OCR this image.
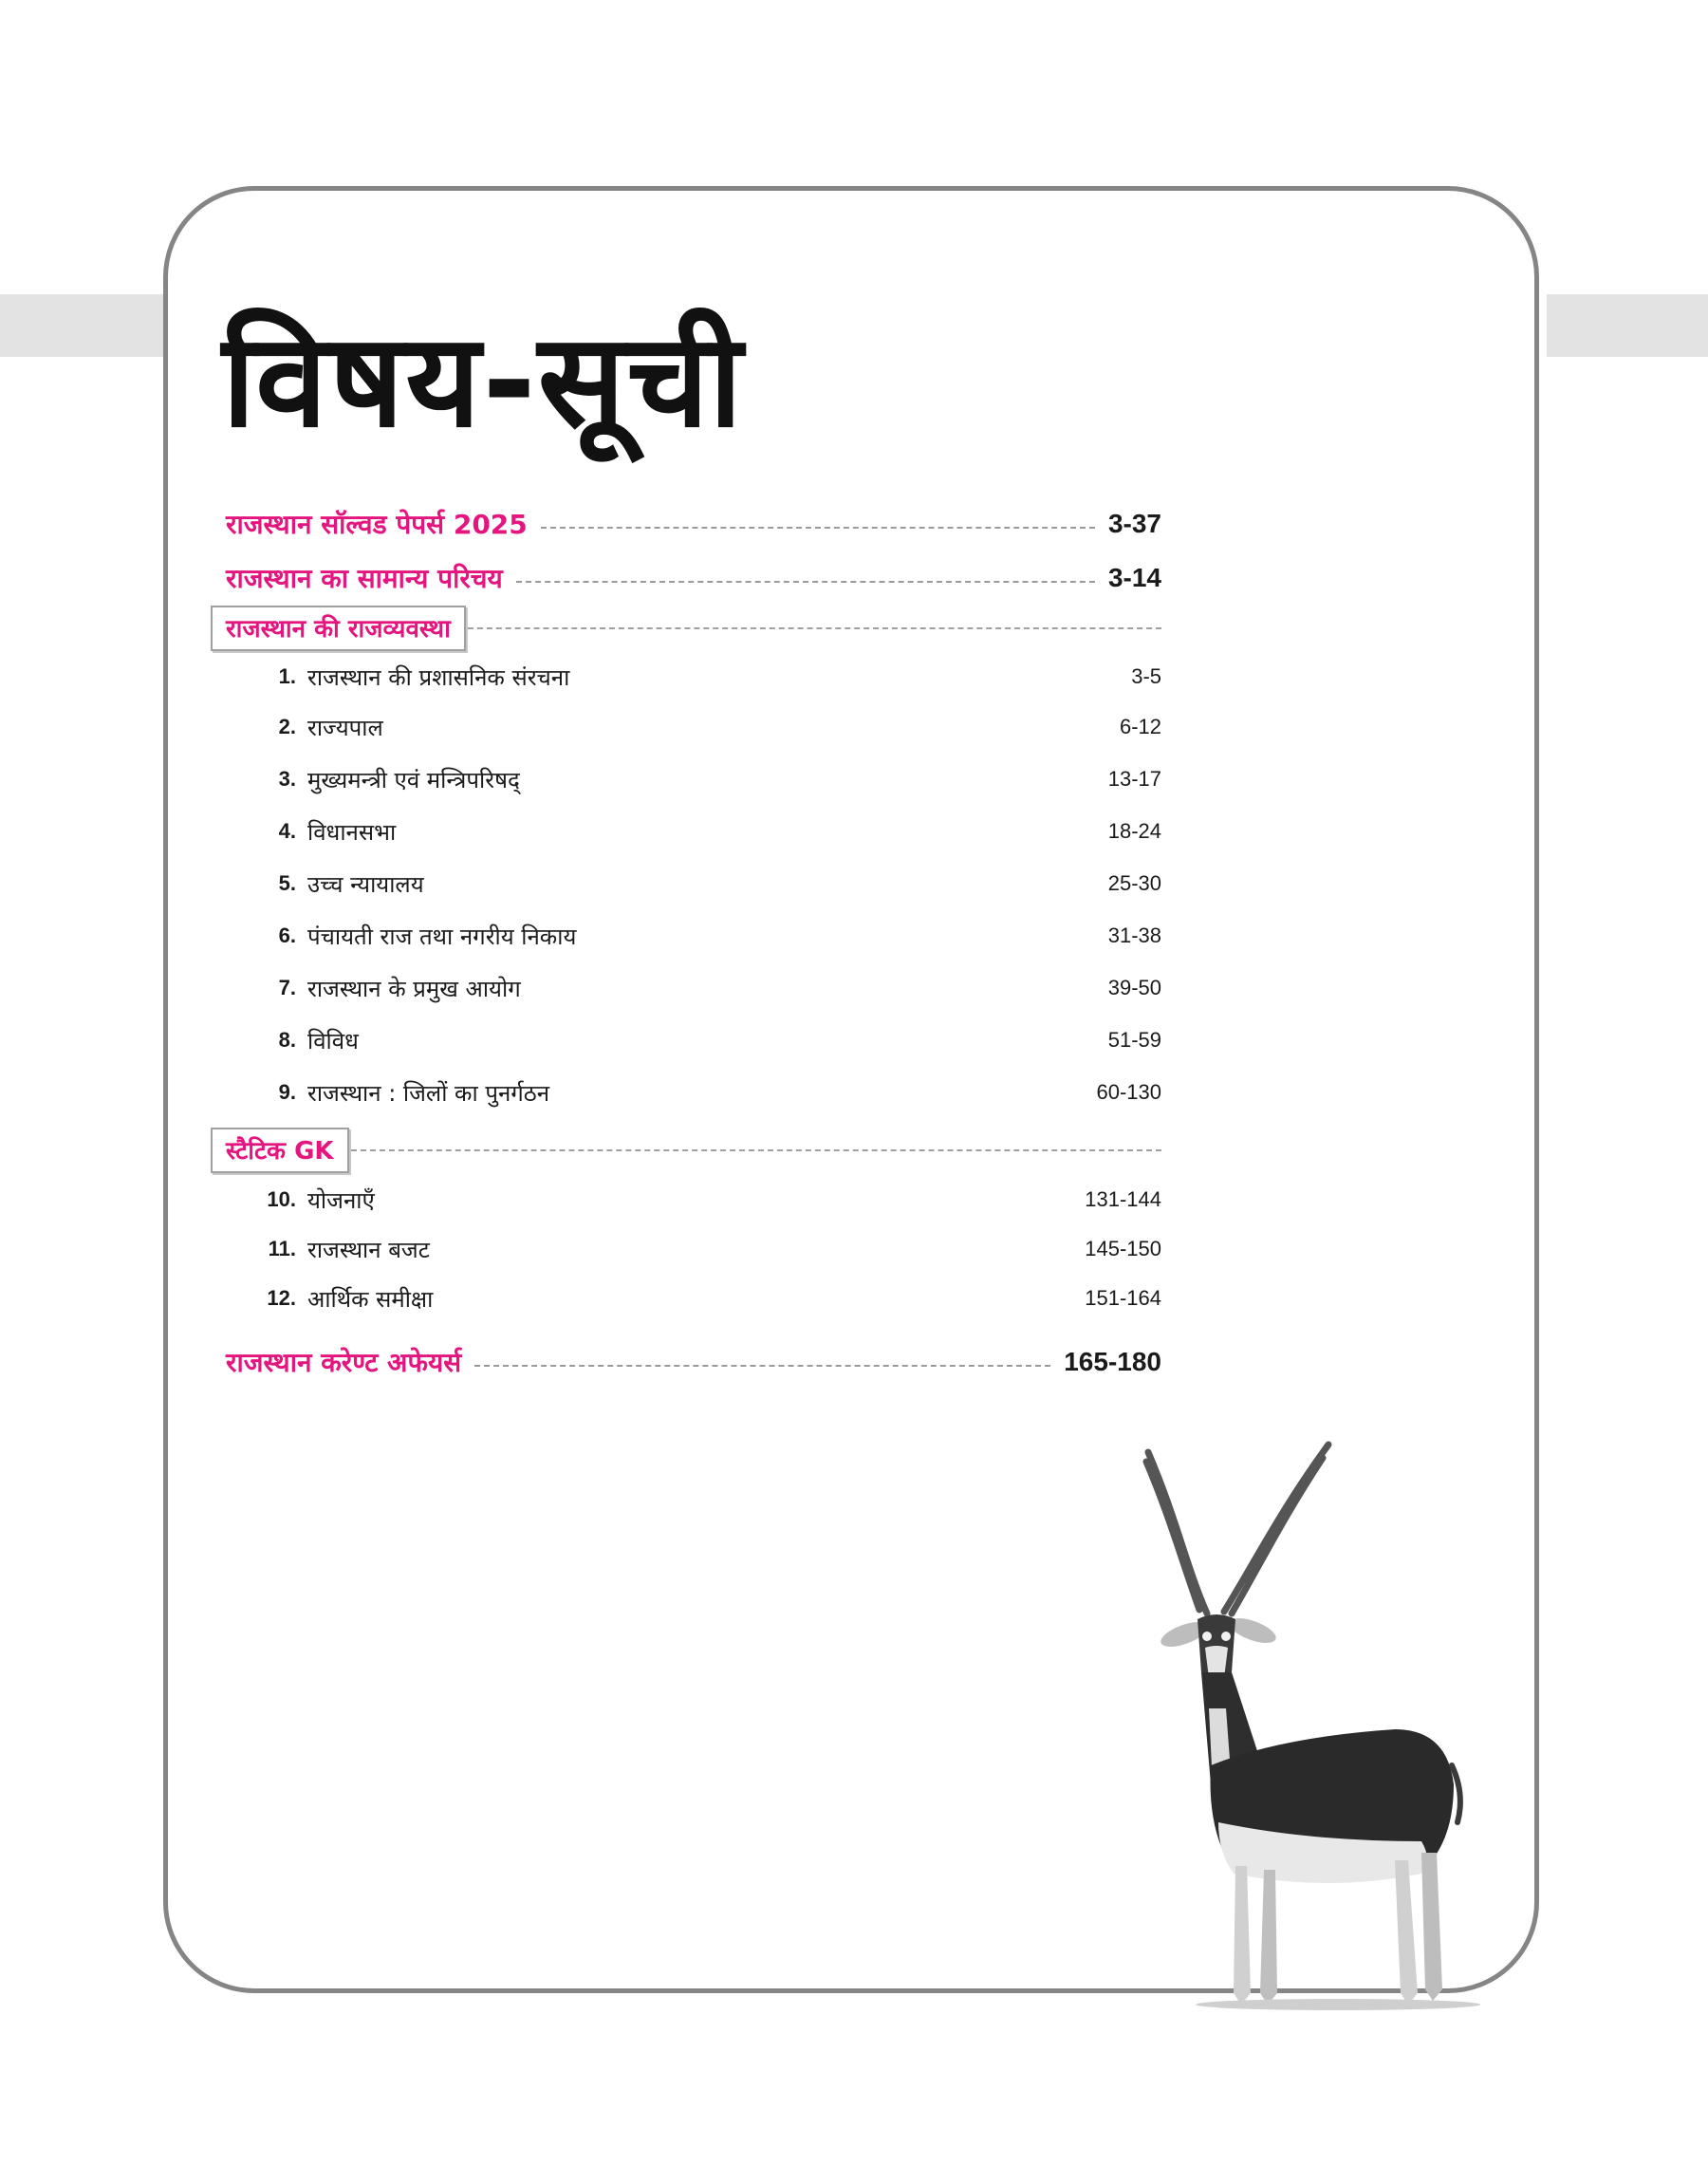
विषय-सूची
राजस्थान सॉल्वड पेपर्स 2025	3-37
राजस्थान का सामान्य परिचय	3-14
राजस्थान की राजव्यवस्था
1. राजस्थान की प्रशासनिक संरचना	3-5
2. राज्यपाल	6-12
3. मुख्यमन्त्री एवं मन्त्रिपरिषद्	13-17
4. विधानसभा	18-24
5. उच्च न्यायालय	25-30
6. पंचायती राज तथा नगरीय निकाय	31-38
7. राजस्थान के प्रमुख आयोग	39-50
8. विविध	51-59
9. राजस्थान : जिलों का पुनर्गठन	60-130
स्टैटिक GK
10. योजनाएँ	131-144
11. राजस्थान बजट	145-150
12. आर्थिक समीक्षा	151-164
राजस्थान करेण्ट अफेयर्स	165-180
